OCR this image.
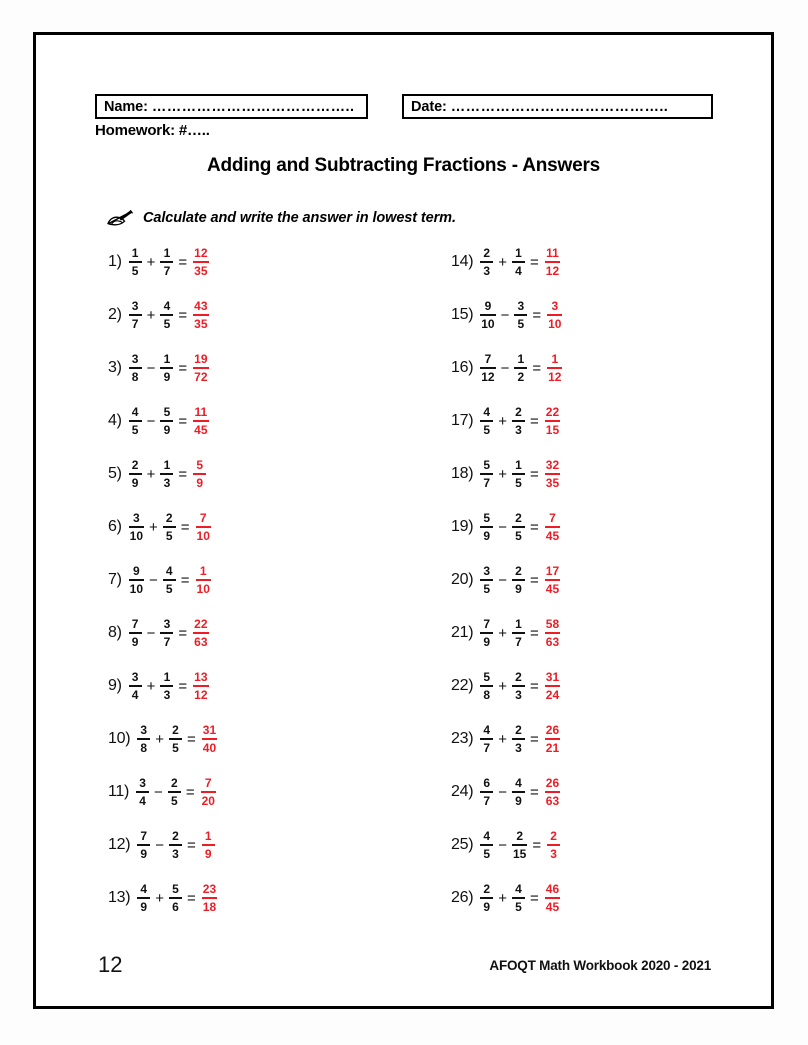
Name: …………………………………..	Date: ……………………………………..
Homework: #…..
Adding and Subtracting Fractions - Answers
Calculate and write the answer in lowest term.
$1) \frac{1}{5} + \frac{1}{7} = \frac{12}{35}$
$2) \frac{3}{7} + \frac{4}{5} = \frac{43}{35}$
$3) \frac{3}{8} - \frac{1}{9} = \frac{19}{72}$
$4) \frac{4}{5} - \frac{5}{9} = \frac{11}{45}$
$5) \frac{2}{9} + \frac{1}{3} = \frac{5}{9}$
$6) \frac{3}{10} + \frac{2}{5} = \frac{7}{10}$
$7) \frac{9}{10} - \frac{4}{5} = \frac{1}{10}$
$8) \frac{7}{9} - \frac{3}{7} = \frac{22}{63}$
$9) \frac{3}{4} + \frac{1}{3} = \frac{13}{12}$
$10) \frac{3}{8} + \frac{2}{5} = \frac{31}{40}$
$11) \frac{3}{4} - \frac{2}{5} = \frac{7}{20}$
$12) \frac{7}{9} - \frac{2}{3} = \frac{1}{9}$
$13) \frac{4}{9} + \frac{5}{6} = \frac{23}{18}$
$14) \frac{2}{3} + \frac{1}{4} = \frac{11}{12}$
$15) \frac{9}{10} - \frac{3}{5} = \frac{3}{10}$
$16) \frac{7}{12} - \frac{1}{2} = \frac{1}{12}$
$17) \frac{4}{5} + \frac{2}{3} = \frac{22}{15}$
$18) \frac{5}{7} + \frac{1}{5} = \frac{32}{35}$
$19) \frac{5}{9} - \frac{2}{5} = \frac{7}{45}$
$20) \frac{3}{5} - \frac{2}{9} = \frac{17}{45}$
$21) \frac{7}{9} + \frac{1}{7} = \frac{58}{63}$
$22) \frac{5}{8} + \frac{2}{3} = \frac{31}{24}$
$23) \frac{4}{7} + \frac{2}{3} = \frac{26}{21}$
$24) \frac{6}{7} - \frac{4}{9} = \frac{26}{63}$
$25) \frac{4}{5} - \frac{2}{15} = \frac{2}{3}$
$26) \frac{2}{9} + \frac{4}{5} = \frac{46}{45}$
12	AFOQT Math Workbook 2020 - 2021
